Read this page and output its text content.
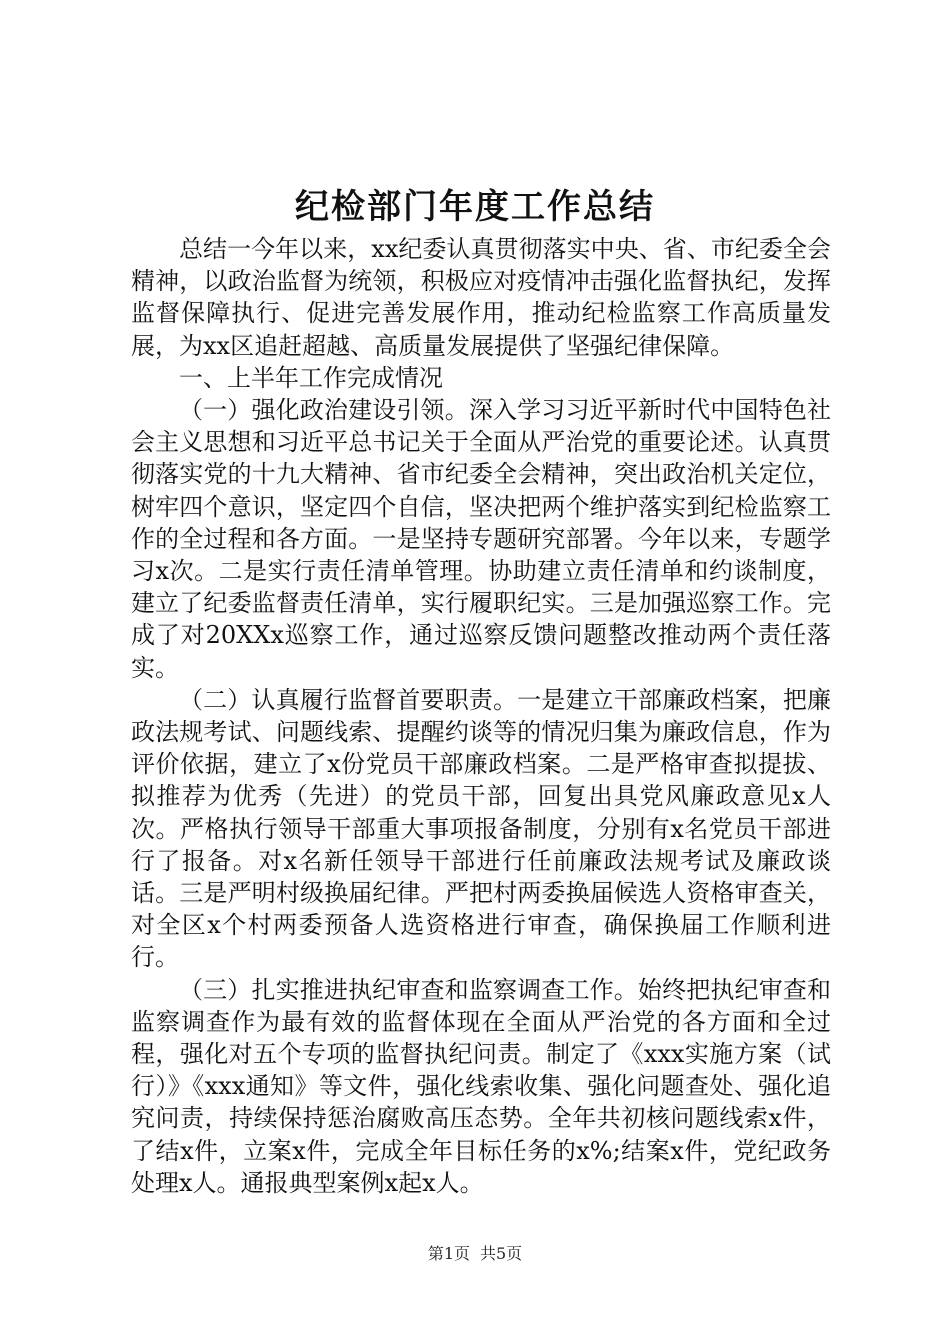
纪检部门年度工作总结

总结一今年以来，xx纪委认真贯彻落实中央、省、市纪委全会精神，以政治监督为统领，积极应对疫情冲击强化监督执纪，发挥监督保障执行、促进完善发展作用，推动纪检监察工作高质量发展，为xx区追赶超越、高质量发展提供了坚强纪律保障。

一、上半年工作完成情况

（一）强化政治建设引领。深入学习习近平新时代中国特色社会主义思想和习近平总书记关于全面从严治党的重要论述。认真贯彻落实党的十九大精神、省市纪委全会精神，突出政治机关定位，树牢四个意识，坚定四个自信，坚决把两个维护落实到纪检监察工作的全过程和各方面。一是坚持专题研究部署。今年以来，专题学习x次。二是实行责任清单管理。协助建立责任清单和约谈制度，建立了纪委监督责任清单，实行履职纪实。三是加强巡察工作。完成了对20XXx巡察工作，通过巡察反馈问题整改推动两个责任落实。

（二）认真履行监督首要职责。一是建立干部廉政档案，把廉政法规考试、问题线索、提醒约谈等的情况归集为廉政信息，作为评价依据，建立了x份党员干部廉政档案。二是严格审查拟提拔、拟推荐为优秀（先进）的党员干部，回复出具党风廉政意见x人次。严格执行领导干部重大事项报备制度，分别有x名党员干部进行了报备。对x名新任领导干部进行任前廉政法规考试及廉政谈话。三是严明村级换届纪律。严把村两委换届候选人资格审查关，对全区x个村两委预备人选资格进行审查，确保换届工作顺利进行。

（三）扎实推进执纪审查和监察调查工作。始终把执纪审查和监察调查作为最有效的监督体现在全面从严治党的各方面和全过程，强化对五个专项的监督执纪问责。制定了《xxx实施方案（试行）》《xxx通知》等文件，强化线索收集、强化问题查处、强化追究问责，持续保持惩治腐败高压态势。全年共初核问题线索x件，了结x件，立案x件，完成全年目标任务的x%;结案x件，党纪政务处理x人。通报典型案例x起x人。

第1页 共5页
